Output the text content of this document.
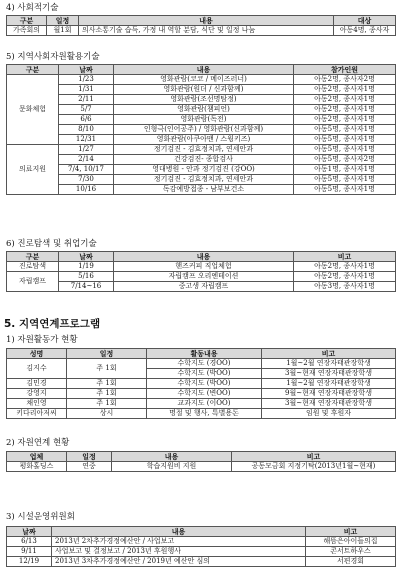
4) 사회적기술
구분	일정	내용	대상
가족회의	월1회	의사소통기술 습득, 가정 내 역할 분담, 식단 및 일정 나눔	아동4명, 종사자
5) 지역사회자원활용기술
구분	날짜	내용	참가인원
문화체험	1/23	영화관람(코코 / 메이즈러너)	아동2명, 종사자2명
	1/31	영화관람(원더 / 신과함께)	아동2명, 종사자1명
	2/11	영화관람(조선명탐정)	아동2명, 종사자1명
	5/7	영화관람(챔피언)	아동2명, 종사자1명
	6/6	영화관람(독전)	아동2명, 종사자1명
	8/10	인형극(인어공주) / 영화관람(신과함께)	아동5명, 종사자1명
	12/31	영화관람(아쿠아맨 / 스윙키즈)	아동5명, 종사자1명
의료지원	1/27	정기검진 - 김효정치과, 연세안과	아동5명, 종사자1명
	2/14	건강검진- 종합검사	아동5명, 종사자2명
	7/4, 10/17	영대병원 - 안과 정기검진 (강OO)	아동1명, 종사자1명
	7/30	정기검진 - 김효정치과, 연세안과	아동5명, 종사자1명
	10/16	독감예방접종 - 남부보건소	아동5명, 종사자1명
6) 진로탐색 및 취업기술
구분	날짜	내용	비고
진로탐색	1/19	핸즈커피 직업체험	아동2명, 종사자1명
자립캠프	5/16	자립캠프 오리엔테이션	아동2명, 종사자1명
	7/14~16	중고생 자립캠프	아동3명, 종사자1명
5. 지역연계프로그램
1) 자원활동가 현황
성명	일정	활동내용	비고
김지수	주 1회	수학지도 (경OO)	1월~2월 연장자태관장학생
		수학지도 (박OO)	3월~현재 연장자태관장학생
김민경	주 1회	수학지도 (박OO)	1월~2월 연장자태관장학생
강영지	주 1회	수학지도 (변OO)	9월~현재 연장자태관장학생
채인영	주 1회	교과지도 (이OO)	3월~현재 연장자태관장학생
키다리아저씨	상시	명절 및 행사, 특별용돈	임원 및 후원자
2) 자원연계 현황
업체	일정	내용	비고
평화홀딩스	연중	학습지원비 지원	공동모금회 지정기탁(2013년1월~현재)
3) 시설운영위원회
날짜	내용	비고
6/13	2013년 2차추가경정예산안 / 사업보고	해뜸은아이들의집
9/11	사업보고 및 결정보고 / 2013년 후원행사	콘서트하우스
12/19	2013년 3차추가경정예산안 / 2019년 예산안 심의	서편경회
